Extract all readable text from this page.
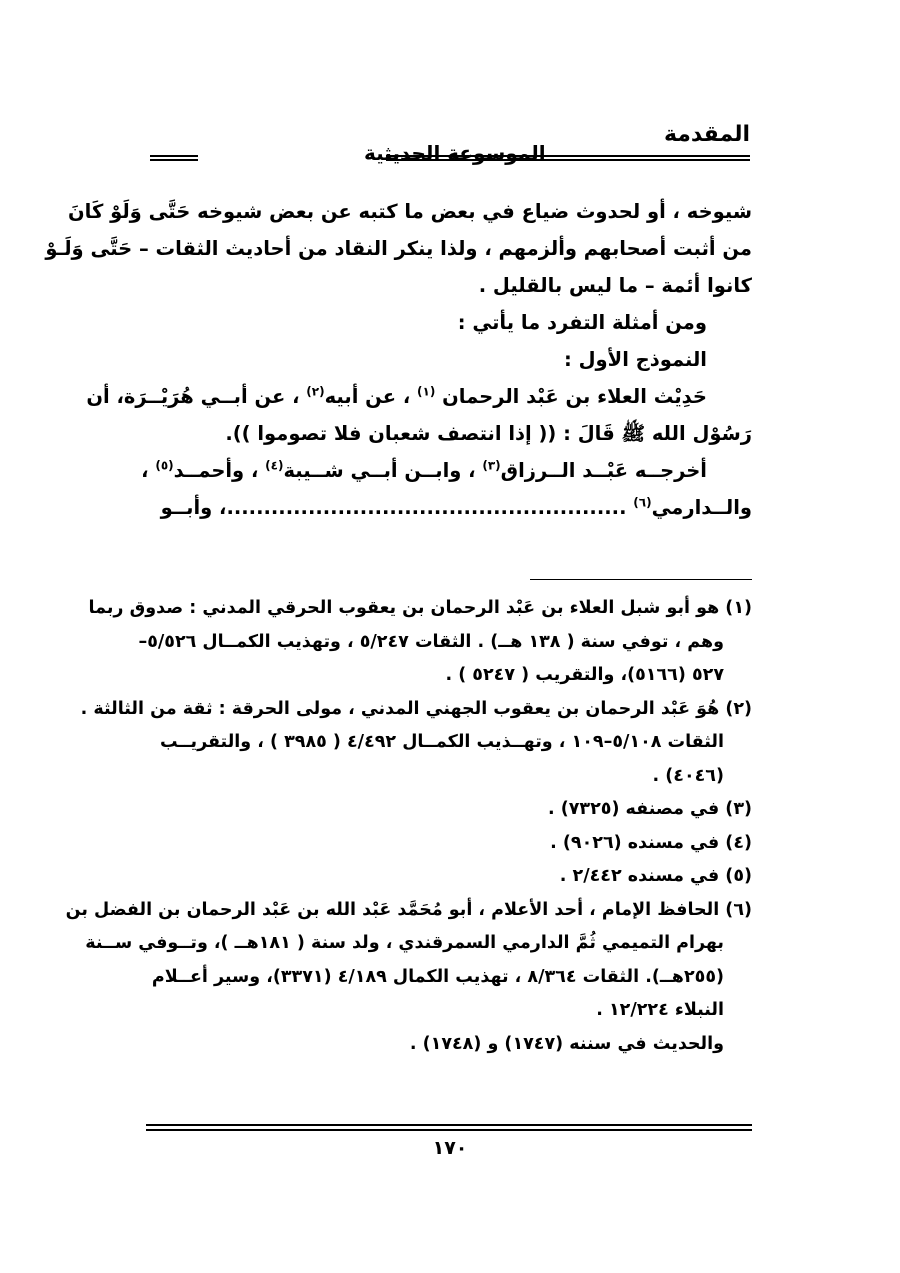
المقدمة
الموسوعة الحديثية

شيوخه ، أو لحدوث ضياع في بعض ما كتبه عن بعض شيوخه حَتَّى وَلَوْ كَانَ

من أثبت أصحابهم وألزمهم ، ولذا ينكر النقاد من أحاديث الثقات – حَتَّى وَلَـوْ

كانوا أئمة – ما ليس بالقليل .

ومن أمثلة التفرد ما يأتي :

النموذج الأول :

حَدِيْث العلاء بن عَبْد الرحمان $^{(١)}$ ، عن أبيه$^{(٢)}$ ، عن أبــي هُرَيْــرَة، أن

رَسُوْل الله ﷺ قَالَ : (( إذا انتصف شعبان فلا تصوموا )).

أخرجــه عَبْــد الــرزاق$^{(٣)}$ ، وابــن أبــي شــيبة$^{(٤)}$ ، وأحمــد$^{(٥)}$ ،

والــدارمي$^{(٦)}$ ......................................................، وأبــو

(١) هو أبو شبل العلاء بن عَبْد الرحمان بن يعقوب الحرقي المدني : صدوق ربما

وهم ، توفي سنة ( ١٣٨ هــ) . الثقات ٥/٢٤٧ ، وتهذيب الكمــال ٥/٥٢٦–

٥٢٧ (٥١٦٦)، والتقريب ( ٥٢٤٧ ) .

(٢) هُوَ عَبْد الرحمان بن يعقوب الجهني المدني ، مولى الحرقة : ثقة من الثالثة .

الثقات ٥/١٠٨–١٠٩ ، وتهــذيب الكمــال ٤/٤٩٢ ( ٣٩٨٥ ) ، والتقريــب

(٤٠٤٦) .

(٣) في مصنفه (٧٣٢٥) .

(٤) في مسنده (٩٠٢٦) .

(٥) في مسنده ٢/٤٤٢ .

(٦) الحافظ الإمام ، أحد الأعلام ، أبو مُحَمَّد عَبْد الله بن عَبْد الرحمان بن الفضل بن

بهرام التميمي ثُمَّ الدارمي السمرقندي ، ولد سنة ( ١٨١هــ )، وتــوفي ســنة

(٢٥٥هــ). الثقات ٨/٣٦٤ ، تهذيب الكمال ٤/١٨٩ (٣٣٧١)، وسير أعــلام

النبلاء ١٢/٢٢٤ .

والحديث في سننه (١٧٤٧) و (١٧٤٨) .

١٧٠
